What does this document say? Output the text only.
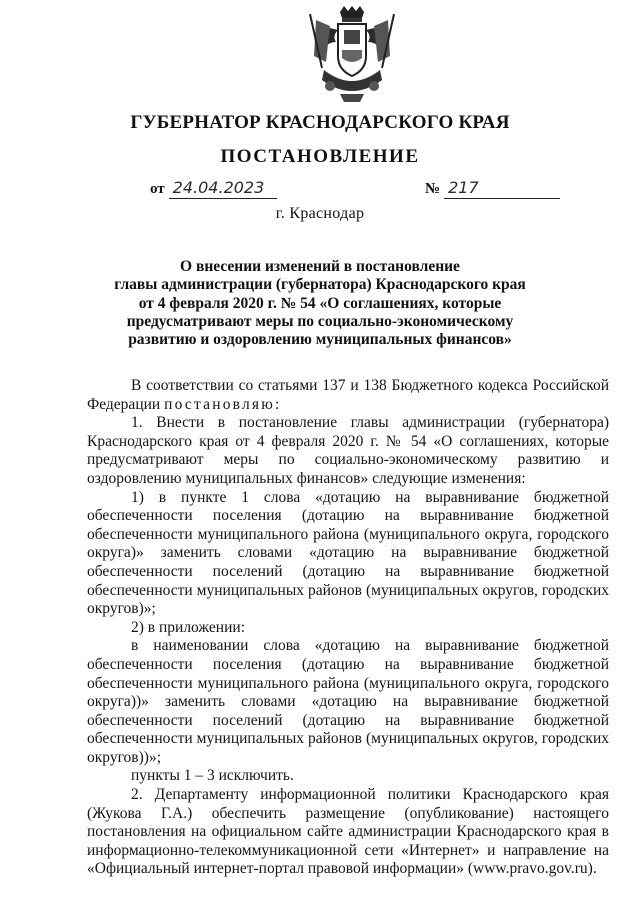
ГУБЕРНАТОР КРАСНОДАРСКОГО КРАЯ
ПОСТАНОВЛЕНИЕ
от 24.04.2023	№ 217
г. Краснодар
О внесении изменений в постановление
главы администрации (губернатора) Краснодарского края
от 4 февраля 2020 г. № 54 «О соглашениях, которые
предусматривают меры по социально-экономическому
развитию и оздоровлению муниципальных финансов»

В соответствии со статьями 137 и 138 Бюджетного кодекса Российской Федерации постановляю:

1. Внести в постановление главы администрации (губернатора) Краснодарского края от 4 февраля 2020 г. № 54 «О соглашениях, которые предусматривают меры по социально-экономическому развитию и оздоровлению муниципальных финансов» следующие изменения:

1) в пункте 1 слова «дотацию на выравнивание бюджетной обеспеченности поселения (дотацию на выравнивание бюджетной обеспеченности муниципального района (муниципального округа, городского округа)» заменить словами «дотацию на выравнивание бюджетной обеспеченности поселений (дотацию на выравнивание бюджетной обеспеченности муниципальных районов (муниципальных округов, городских округов)»;

2) в приложении:

в наименовании слова «дотацию на выравнивание бюджетной обеспеченности поселения (дотацию на выравнивание бюджетной обеспеченности муниципального района (муниципального округа, городского округа))» заменить словами «дотацию на выравнивание бюджетной обеспеченности поселений (дотацию на выравнивание бюджетной обеспеченности муниципальных районов (муниципальных округов, городских округов))»;

пункты 1 – 3 исключить.

2. Департаменту информационной политики Краснодарского края (Жукова Г.А.) обеспечить размещение (опубликование) настоящего постановления на официальном сайте администрации Краснодарского края в информационно-телекоммуникационной сети «Интернет» и направление на «Официальный интернет-портал правовой информации» (www.pravo.gov.ru).
